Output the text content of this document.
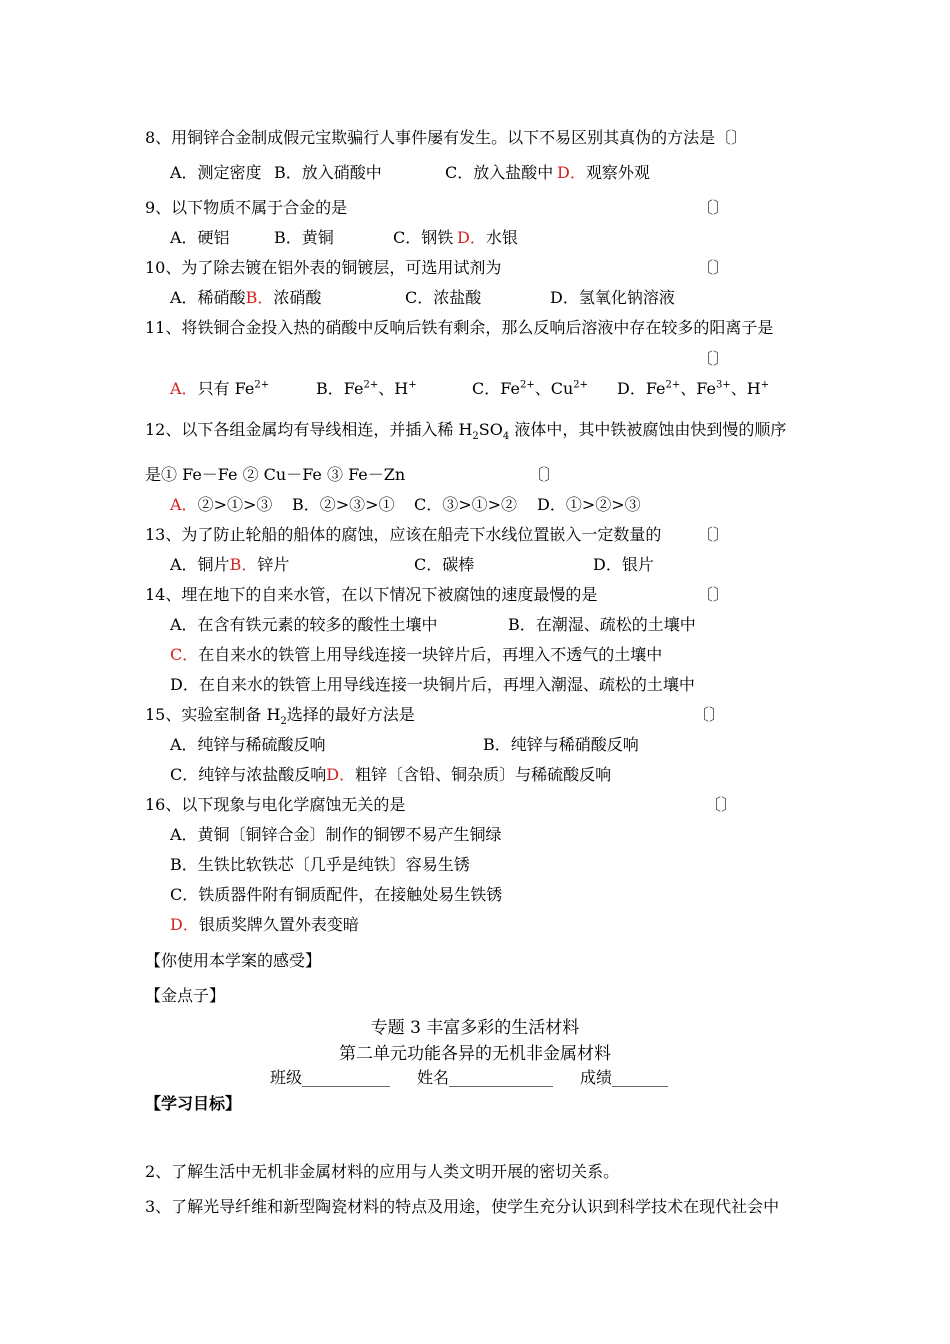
8、用铜锌合金制成假元宝欺骗行人事件屡有发生。以下不易区别其真伪的方法是〔〕
A．测定密度 B．放入硝酸中	C．放入盐酸中 D．观察外观
9、以下物质不属于合金的是	〔〕
A．硬铝	B．黄铜	C．钢铁 D．水银
10、为了除去镀在铝外表的铜镀层，可选用试剂为	〔〕
A．稀硝酸B．浓硝酸	C．浓盐酸	D．氢氧化钠溶液
11、将铁铜合金投入热的硝酸中反响后铁有剩余，那么反响后溶液中存在较多的阳离子是
〔〕
A．只有 $Fe^{2+}$	B．$Fe^{2+}$、H+	C．$Fe^{2+}$、$Cu^{2+}$ D．$Fe^{2+}$、$Fe^{3+}$、H+
12、以下各组金属均有导线相连，并插入稀 $H_2SO_4$ 液体中，其中铁被腐蚀由快到慢的顺序
是① Fe－Fe ② Cu－Fe ③ Fe－Zn	〔〕
A．②>①>③ B．②>③>① C．③>①>② D．①>②>③
13、为了防止轮船的船体的腐蚀，应该在船壳下水线位置嵌入一定数量的 〔〕
A．铜片B．锌片	C．碳棒	D．银片
14、埋在地下的自来水管，在以下情况下被腐蚀的速度最慢的是	〔〕
A．在含有铁元素的较多的酸性土壤中	B．在潮湿、疏松的土壤中
C．在自来水的铁管上用导线连接一块锌片后，再埋入不透气的土壤中
D．在自来水的铁管上用导线连接一块铜片后，再埋入潮湿、疏松的土壤中
15、实验室制备 $H_2$选择的最好方法是	〔〕
A．纯锌与稀硫酸反响	B．纯锌与稀硝酸反响
C．纯锌与浓盐酸反响D．粗锌〔含铅、铜杂质〕与稀硫酸反响
16、以下现象与电化学腐蚀无关的是	〔〕
A．黄铜〔铜锌合金〕制作的铜锣不易产生铜绿
B．生铁比软铁芯〔几乎是纯铁〕容易生锈
C．铁质器件附有铜质配件，在接触处易生铁锈
D．银质奖牌久置外表变暗
【你使用本学案的感受】
【金点子】
专题 3 丰富多彩的生活材料
第二单元功能各异的无机非金属材料
班级___________ 姓名_____________ 成绩_______
【学习目标】
2、了解生活中无机非金属材料的应用与人类文明开展的密切关系。
3、了解光导纤维和新型陶瓷材料的特点及用途，使学生充分认识到科学技术在现代社会中
